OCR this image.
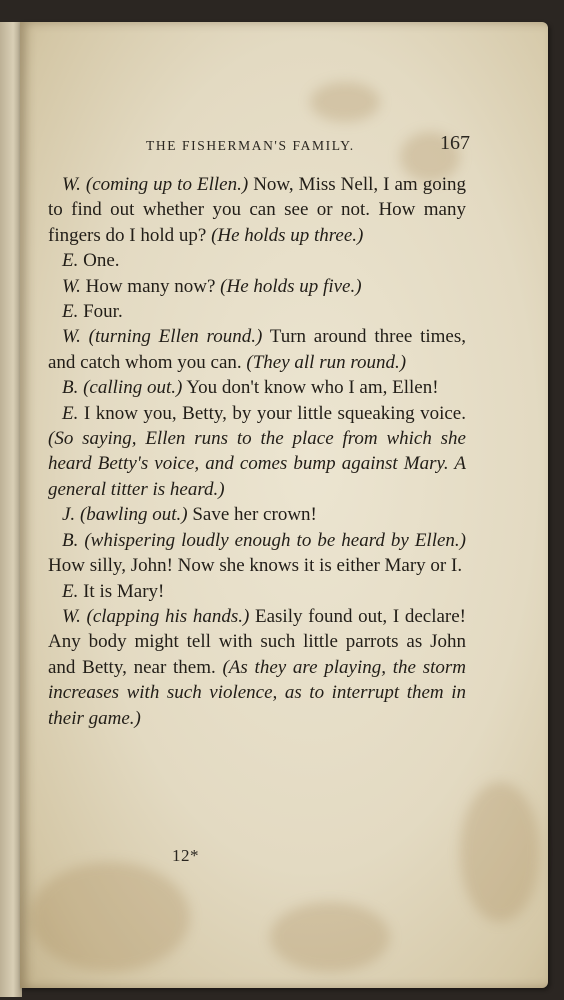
THE FISHERMAN'S FAMILY.	167

W. (coming up to Ellen.) Now, Miss Nell, I am going to find out whether you can see or not. How many fingers do I hold up? (He holds up three.)

E. One.

W. How many now? (He holds up five.)

E. Four.

W. (turning Ellen round.) Turn around three times, and catch whom you can. (They all run round.)

B. (calling out.) You don't know who I am, Ellen!

E. I know you, Betty, by your little squeaking voice. (So saying, Ellen runs to the place from which she heard Betty's voice, and comes bump against Mary. A general titter is heard.)

J. (bawling out.) Save her crown!

B. (whispering loudly enough to be heard by Ellen.) How silly, John! Now she knows it is either Mary or I.

E. It is Mary!

W. (clapping his hands.) Easily found out, I declare! Any body might tell with such little parrots as John and Betty, near them. (As they are playing, the storm increases with such violence, as to interrupt them in their game.)

12*
